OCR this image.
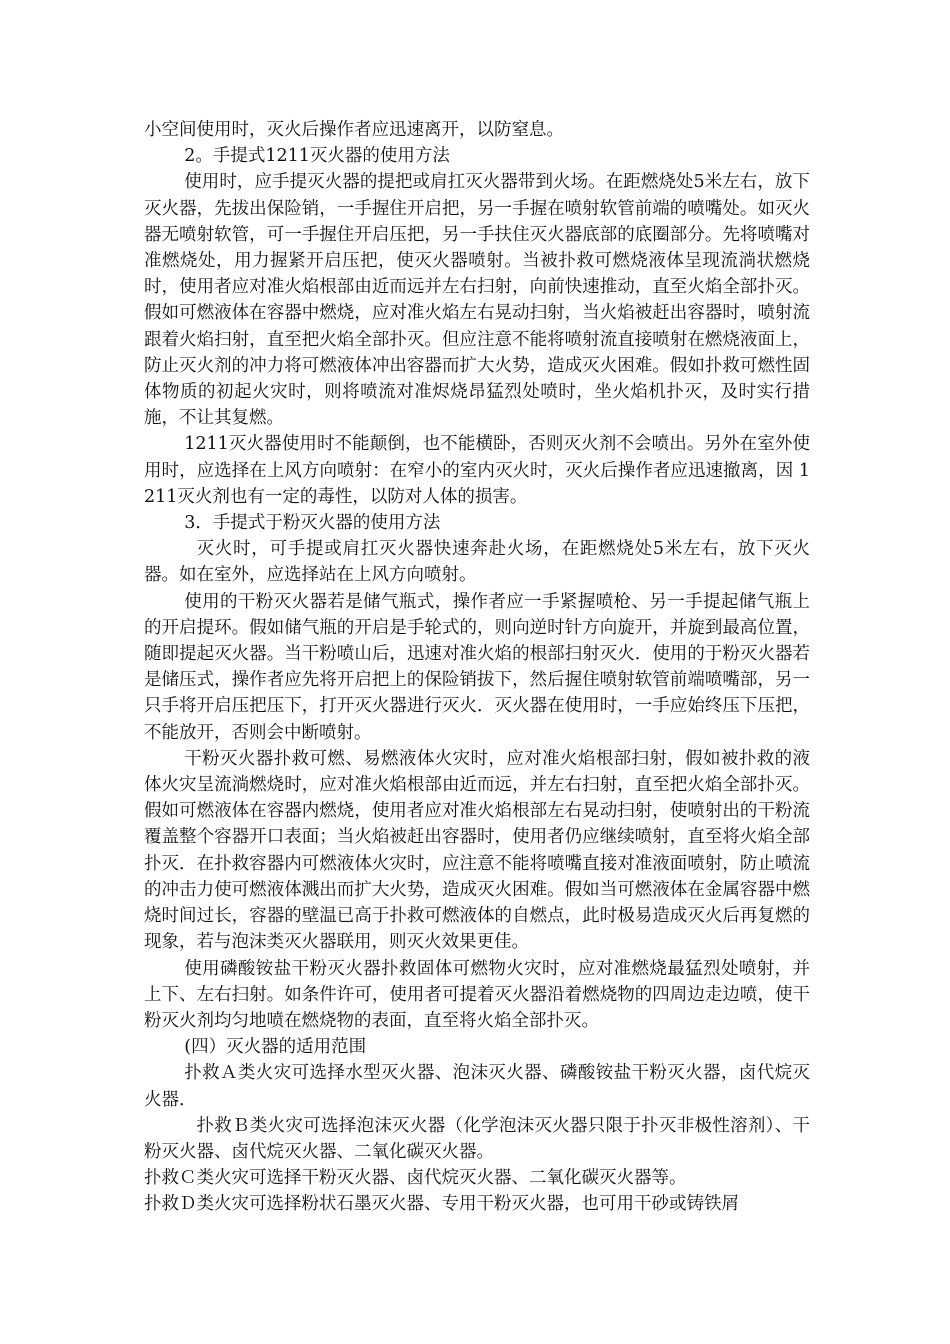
小空间使用时，灭火后操作者应迅速离开，以防窒息。

2。手提式1211灭火器的使用方法

使用时，应手提灭火器的提把或肩扛灭火器带到火场。在距燃烧处5米左右，放下灭火器，先拔出保险销，一手握住开启把，另一手握在喷射软管前端的喷嘴处。如灭火器无喷射软管，可一手握住开启压把，另一手扶住灭火器底部的底圈部分。先将喷嘴对准燃烧处，用力握紧开启压把，使灭火器喷射。当被扑救可燃烧液体呈现流淌状燃烧时，使用者应对准火焰根部由近而远并左右扫射，向前快速推动，直至火焰全部扑灭。假如可燃液体在容器中燃烧，应对准火焰左右晃动扫射，当火焰被赶出容器时，喷射流跟着火焰扫射，直至把火焰全部扑灭。但应注意不能将喷射流直接喷射在燃烧液面上，防止灭火剂的冲力将可燃液体冲出容器而扩大火势，造成灭火困难。假如扑救可燃性固体物质的初起火灾时，则将喷流对准烬烧昂猛烈处喷时，坐火焰机扑灭，及时实行措施，不让其复燃。

1211灭火器使用时不能颠倒，也不能横卧，否则灭火剂不会喷出。另外在室外使用时，应选择在上风方向喷射：在窄小的室内灭火时，灭火后操作者应迅速撤离，因 1211灭火剂也有一定的毒性，以防对人体的损害。

3．手提式于粉灭火器的使用方法

灭火时，可手提或肩扛灭火器快速奔赴火场，在距燃烧处5米左右，放下灭火器。如在室外，应选择站在上风方向喷射。

使用的干粉灭火器若是储气瓶式，操作者应一手紧握喷枪、另一手提起储气瓶上的开启提环。假如储气瓶的开启是手轮式的，则向逆时针方向旋开，并旋到最高位置，随即提起灭火器。当干粉喷山后，迅速对准火焰的根部扫射灭火．使用的于粉灭火器若是储压式，操作者应先将开启把上的保险销拔下，然后握住喷射软管前端喷嘴部，另一只手将开启压把压下，打开灭火器进行灭火．灭火器在使用时，一手应始终压下压把，不能放开，否则会中断喷射。

干粉灭火器扑救可燃、易燃液体火灾时，应对准火焰根部扫射，假如被扑救的液体火灾呈流淌燃烧时，应对准火焰根部由近而远，并左右扫射，直至把火焰全部扑灭。假如可燃液体在容器内燃烧，使用者应对准火焰根部左右晃动扫射，使喷射出的干粉流覆盖整个容器开口表面；当火焰被赶出容器时，使用者仍应继续喷射，直至将火焰全部扑灭．在扑救容器内可燃液体火灾时，应注意不能将喷嘴直接对准液面喷射，防止喷流的冲击力使可燃液体溅出而扩大火势，造成灭火困难。假如当可燃液体在金属容器中燃烧时间过长，容器的壁温已高于扑救可燃液体的自燃点，此时极易造成灭火后再复燃的现象，若与泡沫类灭火器联用，则灭火效果更佳。

使用磷酸铵盐干粉灭火器扑救固体可燃物火灾时，应对准燃烧最猛烈处喷射，并上下、左右扫射。如条件许可，使用者可提着灭火器沿着燃烧物的四周边走边喷，使干粉灭火剂均匀地喷在燃烧物的表面，直至将火焰全部扑灭。

(四）灭火器的适用范围

扑救Ａ类火灾可选择水型灭火器、泡沫灭火器、磷酸铵盐干粉灭火器，卤代烷灭火器．

扑救Ｂ类火灾可选择泡沫灭火器（化学泡沫灭火器只限于扑灭非极性溶剂）、干粉灭火器、卤代烷灭火器、二氧化碳灭火器。

扑救Ｃ类火灾可选择干粉灭火器、卤代烷灭火器、二氧化碳灭火器等。

扑救Ｄ类火灾可选择粉状石墨灭火器、专用干粉灭火器，也可用干砂或铸铁屑
